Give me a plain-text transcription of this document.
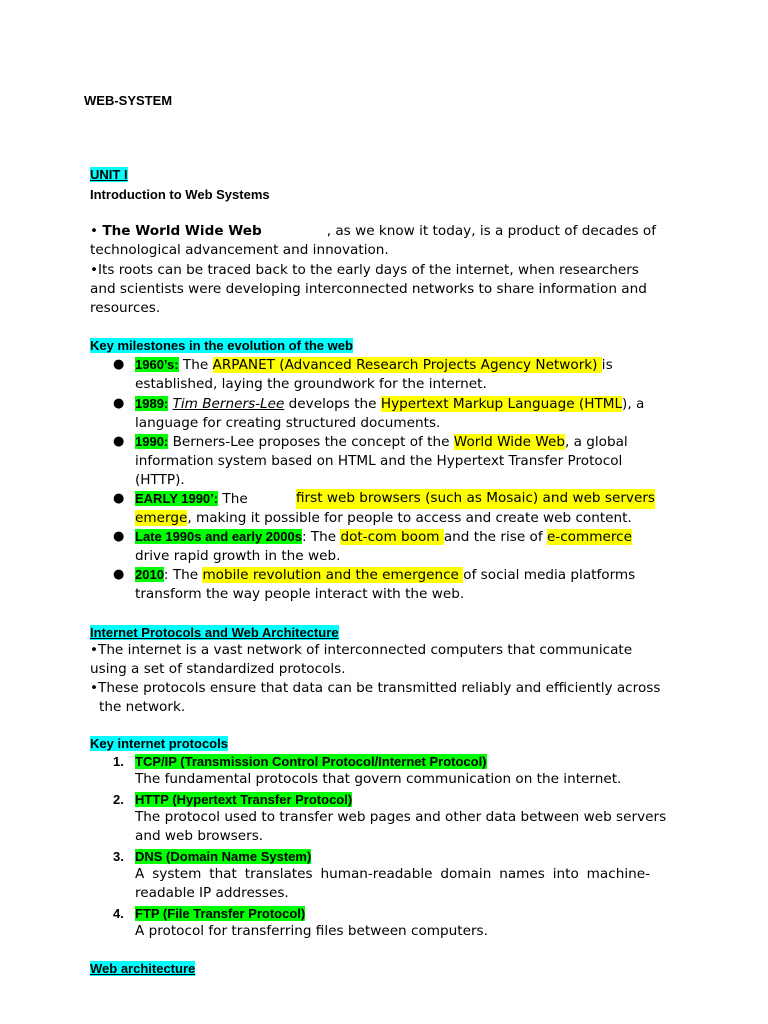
WEB-SYSTEM
UNIT I
Introduction to Web Systems
• The World Wide Web	, as we know it today, is a product of decades of
technological advancement and innovation.
•Its roots can be traced back to the early days of the internet, when researchers
and scientists were developing interconnected networks to share information and
resources.
Key milestones in the evolution of the web
● 1960’s: The ARPANET (Advanced Research Projects Agency Network) is
established, laying the groundwork for the internet.
● 1989: Tim Berners-Lee develops the Hypertext Markup Language (HTML), a
language for creating structured documents.
● 1990: Berners-Lee proposes the concept of the World Wide Web, a global
information system based on HTML and the Hypertext Transfer Protocol
(HTTP).
● EARLY 1990’: The	first web browsers (such as Mosaic) and web servers
emerge, making it possible for people to access and create web content.
● Late 1990s and early 2000s: The dot-com boom and the rise of e-commerce
drive rapid growth in the web.
● 2010: The mobile revolution and the emergence of social media platforms
transform the way people interact with the web.
Internet Protocols and Web Architecture
•The internet is a vast network of interconnected computers that communicate
using a set of standardized protocols.
•These protocols ensure that data can be transmitted reliably and efficiently across
the network.
Key internet protocols
1. TCP/IP (Transmission Control Protocol/Internet Protocol)
The fundamental protocols that govern communication on the internet.
2. HTTP (Hypertext Transfer Protocol)
The protocol used to transfer web pages and other data between web servers
and web browsers.
3. DNS (Domain Name System)
A system that translates human-readable domain names into machine-
readable IP addresses.
4. FTP (File Transfer Protocol)
A protocol for transferring files between computers.
Web architecture
